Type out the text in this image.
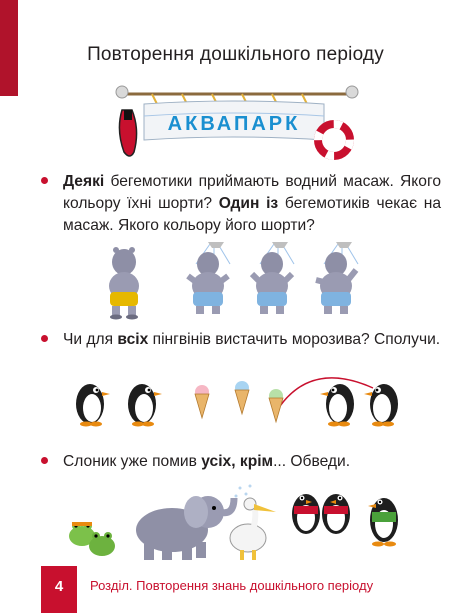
Повторення дошкільного періоду
АКВАПАРК
Деякі бегемотики приймають водний масаж. Якого кольору їхні шорти? Один із бегемотиків чекає на масаж. Якого кольору його шорти?
Чи для всіх пінгвінів вистачить морозива? Сполучи.
Слоник уже помив усіх, крім... Обведи.
4	Розділ. Повторення знань дошкільного періоду
